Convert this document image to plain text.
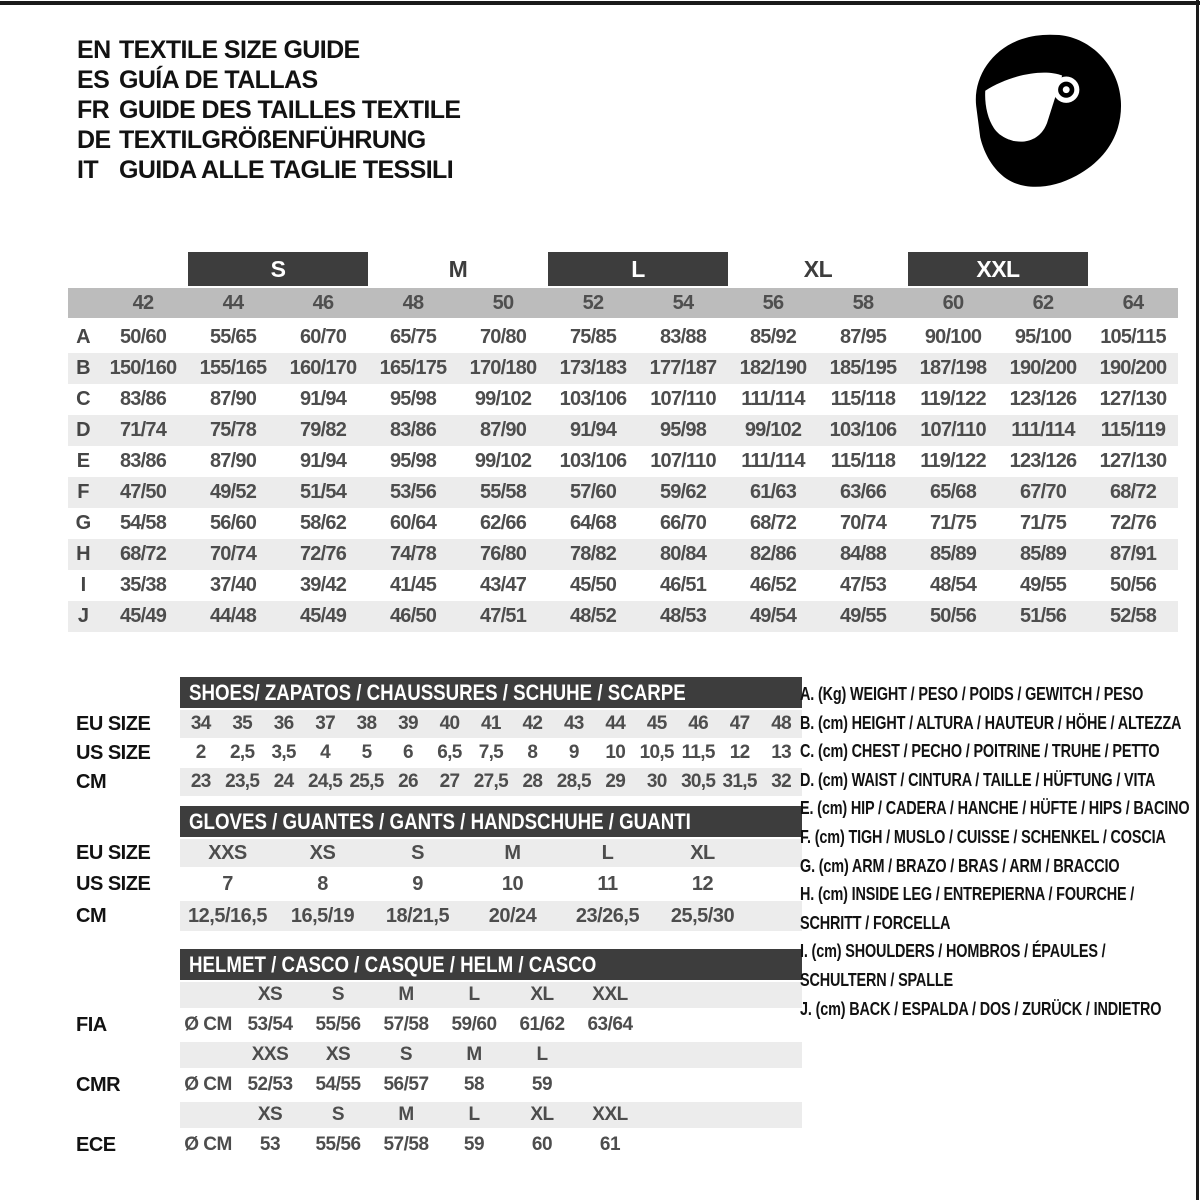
EN TEXTILE SIZE GUIDE
ES GUÍA DE TALLAS
FR GUIDE DES TAILLES TEXTILE
DE TEXTILGRÖßENFÜHRUNG
IT GUIDA ALLE TAGLIE TESSILI
S	M	L	XL	XXL
42	44	46	48	50	52	54	56	58	60	62	64
A	50/60	55/65	60/70	65/75	70/80	75/85	83/88	85/92	87/95	90/100	95/100	105/115
B 150/160	155/165	160/170	165/175	170/180	173/183	177/187	182/190	185/195	187/198	190/200	190/200
C	83/86	87/90	91/94	95/98	99/102	103/106	107/110	111/114	115/118	119/122	123/126	127/130
D	71/74	75/78	79/82	83/86	87/90	91/94	95/98	99/102	103/106	107/110	111/114	115/119
E	83/86	87/90	91/94	95/98	99/102	103/106	107/110	111/114	115/118	119/122	123/126	127/130
F	47/50	49/52	51/54	53/56	55/58	57/60	59/62	61/63	63/66	65/68	67/70	68/72
G	54/58	56/60	58/62	60/64	62/66	64/68	66/70	68/72	70/74	71/75	71/75	72/76
H	68/72	70/74	72/76	74/78	76/80	78/82	80/84	82/86	84/88	85/89	85/89	87/91
I	35/38	37/40	39/42	41/45	43/47	45/50	46/51	46/52	47/53	48/54	49/55	50/56
J	45/49	44/48	45/49	46/50	47/51	48/52	48/53	49/54	49/55	50/56	51/56	52/58
SHOES/ ZAPATOS / CHAUSSURES / SCHUHE / SCARPE
EU SIZE	34	35	36	37	38	39	40	41	42	43	44	45	46	47	48
US SIZE	2	2,5 3,5	4	5	6	6,5 7,5	8	9	10 10,5 11,5 12	13
CM	23 23,5 24 24,5 25,5 26	27 27,5 28 28,5 29	30 30,5 31,5 32
GLOVES / GUANTES / GANTS / HANDSCHUHE / GUANTI
EU SIZE	XXS	XS	S	M	L	XL
US SIZE	7	8	9	10	11	12
CM	12,5/16,5	16,5/19	18/21,5	20/24	23/26,5	25,5/30
HELMET / CASCO / CASQUE / HELM / CASCO
XS	S	M	L	XL	XXL
FIA	Ø CM 53/54	55/56	57/58	59/60	61/62	63/64
XXS	XS	S	M	L
CMR	Ø CM 52/53	54/55	56/57	58	59
XS	S	M	L	XL	XXL
ECE	Ø CM	53	55/56	57/58	59	60	61
A. (Kg) WEIGHT / PESO / POIDS / GEWITCH / PESO
B. (cm) HEIGHT / ALTURA / HAUTEUR / HÖHE / ALTEZZA
C. (cm) CHEST / PECHO / POITRINE / TRUHE / PETTO
D. (cm) WAIST / CINTURA / TAILLE / HÜFTUNG / VITA
E. (cm) HIP / CADERA / HANCHE / HÜFTE / HIPS / BACINO
F. (cm) TIGH / MUSLO / CUISSE / SCHENKEL / COSCIA
G. (cm) ARM / BRAZO / BRAS / ARM / BRACCIO
H. (cm) INSIDE LEG / ENTREPIERNA / FOURCHE / SCHRITT / FORCELLA
I. (cm) SHOULDERS / HOMBROS / ÉPAULES / SCHULTERN / SPALLE
J. (cm) BACK / ESPALDA / DOS / ZURÜCK / INDIETRO
